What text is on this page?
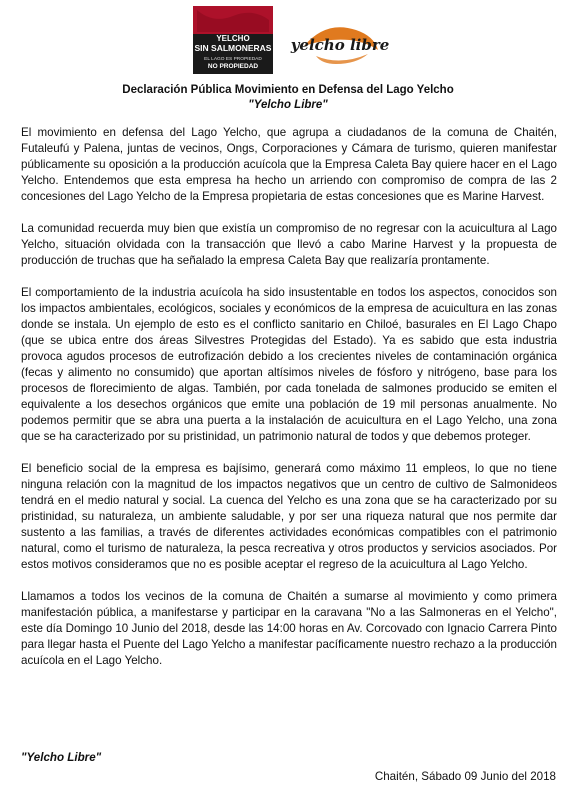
YELCHO
SIN SALMONERAS
EL LAGO ES PROPIEDAD
NO PROPIEDAD
yelcho libre
Declaración Pública Movimiento en Defensa del Lago Yelcho
"Yelcho Libre"

El movimiento en defensa del Lago Yelcho, que agrupa a ciudadanos de la comuna de Chaitén, Futaleufú y Palena, juntas de vecinos, Ongs, Corporaciones y Cámara de turismo, quieren manifestar públicamente su oposición a la producción acuícola que la Empresa Caleta Bay quiere hacer en el Lago Yelcho. Entendemos que esta empresa ha hecho un arriendo con compromiso de compra de las 2 concesiones del Lago Yelcho de la Empresa propietaria de estas concesiones que es Marine Harvest.

La comunidad recuerda muy bien que existía un compromiso de no regresar con la acuicultura al Lago Yelcho, situación olvidada con la transacción que llevó a cabo Marine Harvest y la propuesta de producción de truchas que ha señalado la empresa Caleta Bay que realizaría prontamente.

El comportamiento de la industria acuícola ha sido insustentable en todos los aspectos, conocidos son los impactos ambientales, ecológicos, sociales y económicos de la empresa de acuicultura en las zonas donde se instala. Un ejemplo de esto es el conflicto sanitario en Chiloé, basurales en El Lago Chapo (que se ubica entre dos áreas Silvestres Protegidas del Estado). Ya es sabido que esta industria provoca agudos procesos de eutrofización debido a los crecientes niveles de contaminación orgánica (fecas y alimento no consumido) que aportan altísimos niveles de fósforo y nitrógeno, base para los procesos de florecimiento de algas. También, por cada tonelada de salmones producido se emiten el equivalente a los desechos orgánicos que emite una población de 19 mil personas anualmente. No podemos permitir que se abra una puerta a la instalación de acuicultura en el Lago Yelcho, una zona que se ha caracterizado por su pristinidad, un patrimonio natural de todos y que debemos proteger.

El beneficio social de la empresa es bajísimo, generará como máximo 11 empleos, lo que no tiene ninguna relación con la magnitud de los impactos negativos que un centro de cultivo de Salmonideos tendrá en el medio natural y social. La cuenca del Yelcho es una zona que se ha caracterizado por su pristinidad, su naturaleza, un ambiente saludable, y por ser una riqueza natural que nos permite dar sustento a las familias, a través de diferentes actividades económicas compatibles con el patrimonio natural, como el turismo de naturaleza, la pesca recreativa y otros productos y servicios asociados. Por estos motivos consideramos que no es posible aceptar el regreso de la acuicultura al Lago Yelcho.

Llamamos a todos los vecinos de la comuna de Chaitén a sumarse al movimiento y como primera manifestación pública, a manifestarse y participar en la caravana "No a las Salmoneras en el Yelcho", este día Domingo 10 Junio del 2018, desde las 14:00 horas en Av. Corcovado con Ignacio Carrera Pinto para llegar hasta el Puente del Lago Yelcho a manifestar pacíficamente nuestro rechazo a la producción acuícola en el Lago Yelcho.

"Yelcho Libre"
Chaitén, Sábado 09 Junio del 2018
